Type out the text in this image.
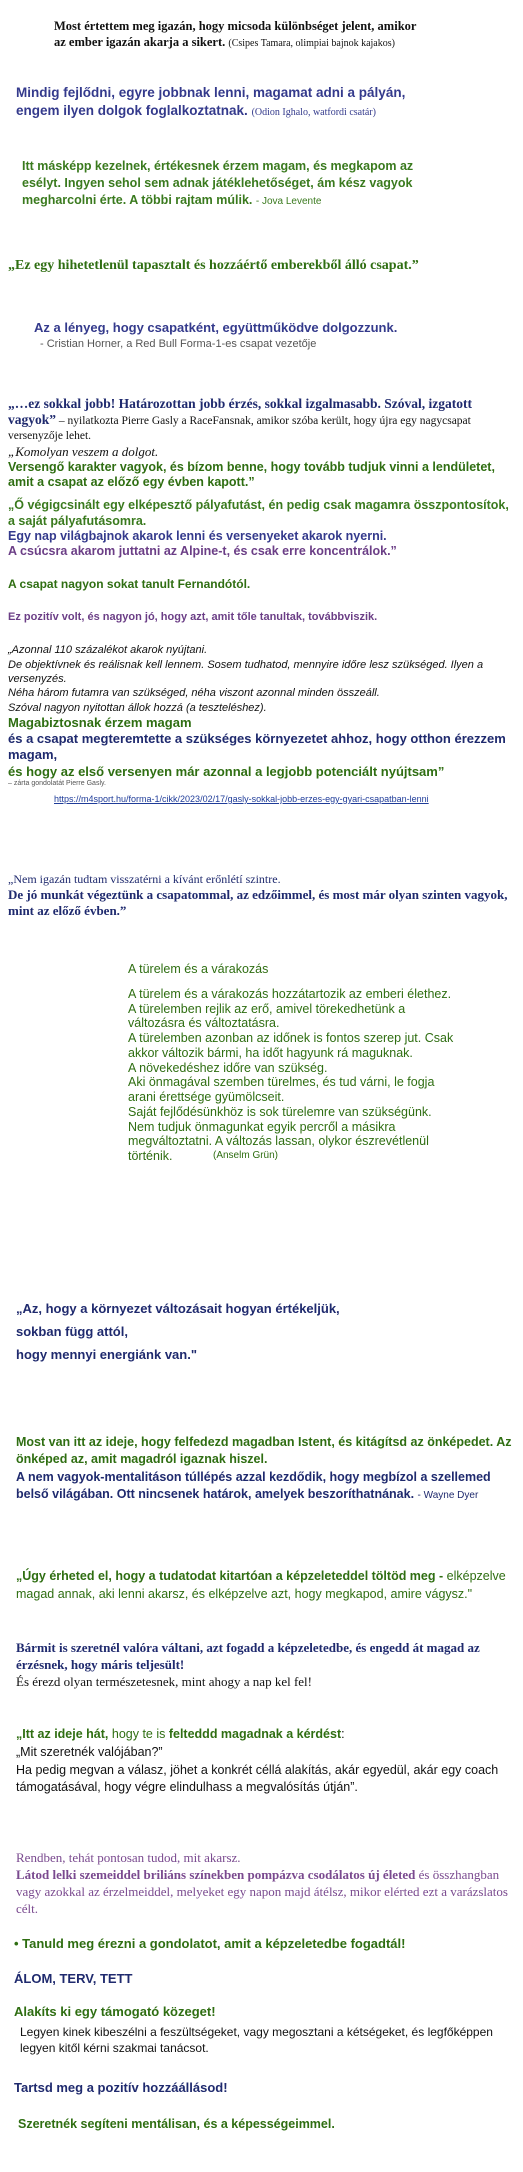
Most értettem meg igazán, hogy micsoda különbséget jelent, amikor

az ember igazán akarja a sikert. (Csipes Tamara, olimpiai bajnok kajakos)

Mindig fejlődni, egyre jobbnak lenni, magamat adni a pályán,

engem ilyen dolgok foglalkoztatnak. (Odion Ighalo, watfordi csatár)

Itt másképp kezelnek, értékesnek érzem magam, és megkapom az

esélyt. Ingyen sehol sem adnak játéklehetőséget, ám kész vagyok

megharcolni érte. A többi rajtam múlik. - Jova Levente

„Ez egy hihetetlenül tapasztalt és hozzáértő emberekből álló csapat.”

Az a lényeg, hogy csapatként, együttműködve dolgozzunk.

- Cristian Horner, a Red Bull Forma-1-es csapat vezetője

„…ez sokkal jobb! Határozottan jobb érzés, sokkal izgalmasabb. Szóval, izgatott vagyok” – nyilatkozta Pierre Gasly a RaceFansnak, amikor szóba került, hogy újra egy nagycsapat versenyzője lehet.

„Komolyan veszem a dolgot.

Versengő karakter vagyok, és bízom benne, hogy tovább tudjuk vinni a lendületet, amit a csapat az előző egy évben kapott.”

„Ő végigcsinált egy elképesztő pályafutást, én pedig csak magamra összpontosítok, a saját pályafutásomra.

Egy nap világbajnok akarok lenni és versenyeket akarok nyerni.

A csúcsra akarom juttatni az Alpine-t, és csak erre koncentrálok.”

A csapat nagyon sokat tanult Fernandótól.

Ez pozitív volt, és nagyon jó, hogy azt, amit tőle tanultak, továbbviszik.

„Azonnal 110 százalékot akarok nyújtani.

De objektívnek és reálisnak kell lennem. Sosem tudhatod, mennyire időre lesz szükséged. Ilyen a versenyzés.

Néha három futamra van szükséged, néha viszont azonnal minden összeáll.

Szóval nagyon nyitottan állok hozzá (a teszteléshez).

Magabiztosnak érzem magam

és a csapat megteremtette a szükséges környezetet ahhoz, hogy otthon érezzem magam,

és hogy az első versenyen már azonnal a legjobb potenciált nyújtsam”

– zárta gondolatát Pierre Gasly.

https://m4sport.hu/forma-1/cikk/2023/02/17/gasly-sokkal-jobb-erzes-egy-gyari-csapatban-lenni

„Nem igazán tudtam visszatérni a kívánt erőnlétí szintre.

De jó munkát végeztünk a csapatommal, az edzőimmel, és most már olyan szinten vagyok, mint az előző évben.”

A türelem és a várakozás

A türelem és a várakozás hozzátartozik az emberi élethez.
A türelemben rejlik az erő, amivel törekedhetünk a változásra és változtatásra.
A türelemben azonban az időnek is fontos szerep jut. Csak akkor változik bármi, ha időt hagyunk rá maguknak.
A növekedéshez időre van szükség.
Aki önmagával szemben türelmes, és tud várni, le fogja arani érettsége gyümölcseit.
Saját fejlődésünkhöz is sok türelemre van szükségünk.
Nem tudjuk önmagunkat egyik percről a másikra megváltoztatni. A változás lassan, olykor észrevétlenül történik.	(Anselm Grün)

„Az, hogy a környezet változásait hogyan értékeljük,

sokban függ attól,

hogy mennyi energiánk van."

Most van itt az ideje, hogy felfedezd magadban Istent, és kitágítsd az önképedet. Az önképed az, amit magadról igaznak hiszel.

A nem vagyok-mentalitáson túllépés azzal kezdődik, hogy megbízol a szellemed belső világában. Ott nincsenek határok, amelyek beszoríthatnának. - Wayne Dyer

„Úgy érheted el, hogy a tudatodat kitartóan a képzeleteddel töltöd meg - elképzelve magad annak, aki lenni akarsz, és elképzelve azt, hogy megkapod, amire vágysz."

Bármit is szeretnél valóra váltani, azt fogadd a képzeletedbe, és engedd át magad az érzésnek, hogy máris teljesült!

És érezd olyan természetesnek, mint ahogy a nap kel fel!

„Itt az ideje hát, hogy te is felteddd magadnak a kérdést:

„Mit szeretnék valójában?”

Ha pedig megvan a válasz, jöhet a konkrét céllá alakítás, akár egyedül, akár egy coach támogatásával, hogy végre elindulhass a megvalósítás útján”.

Rendben, tehát pontosan tudod, mit akarsz.

Látod lelki szemeiddel briliáns színekben pompázva csodálatos új életed és összhangban vagy azokkal az érzelmeiddel, melyeket egy napon majd átélsz, mikor elérted ezt a varázslatos célt.

• Tanuld meg érezni a gondolatot, amit a képzeletedbe fogadtál!

ÁLOM, TERV, TETT

Alakíts ki egy támogató közeget!

Legyen kinek kibeszélni a feszültségeket, vagy megosztani a kétségeket, és legfőképpen legyen kitől kérni szakmai tanácsot.

Tartsd meg a pozitív hozzáállásod!

Szeretnék segíteni mentálisan, és a képességeimmel.
